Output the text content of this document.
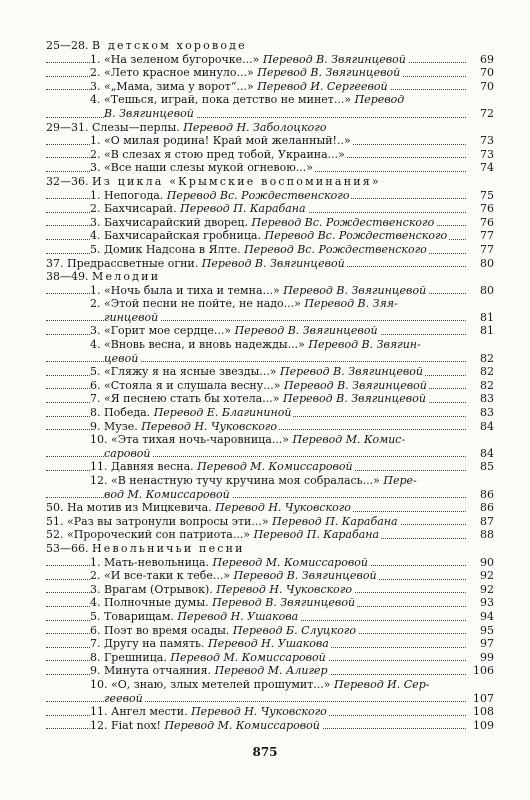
25—28. В детском хороводе
1. «На зеленом бугорочке...» Перевод В. Звягинцевой	69
2. «Лето красное минуло...» Перевод В. Звягинцевой	70
3. «„Мама, зима у ворот“...» Перевод И. Сергеевой	70
4. «Тешься, играй, пока детство не минет...» Перевод
В. Звягинцевой	72
29—31. Слезы—перлы. Перевод Н. Заболоцкого
1. «О милая родина! Край мой желанный!..»	73
2. «В слезах я стою пред тобой, Украина...»	73
3. «Все наши слезы мукой огневою...»	74
32—36. Из цикла «Крымские воспоминания»
1. Непогода. Перевод Вс. Рождественского	75
2. Бахчисарай. Перевод П. Карабана	76
3. Бахчисарайский дворец. Перевод Вс. Рождественского	76
4. Бахчисарайская гробница. Перевод Вс. Рождественского	77
5. Домик Надсона в Ялте. Перевод Вс. Рождественского	77
37. Предрассветные огни. Перевод В. Звягинцевой	80
38—49. Мелодии
1. «Ночь была и тиха и темна...» Перевод В. Звягинцевой	80
2. «Этой песни не пойте, не надо...» Перевод В. Зяя-
гинцевой	81
3. «Горит мое сердце...» Перевод В. Звягинцевой	81
4. «Вновь весна, и вновь надежды...» Перевод В. Звягин-
цевой	82
5. «Гляжу я на ясные звезды...» Перевод В. Звягинцевой	82
6. «Стояла я и слушала весну...» Перевод В. Звягинцевой	82
7. «Я песнею стать бы хотела...» Перевод В. Звягинцевой	83
8. Победа. Перевод Е. Благининой	83
9. Музе. Перевод Н. Чуковского	84
10. «Эта тихая ночь-чаровница...» Перевод М. Комис-
саровой	84
11. Давняя весна. Перевод М. Комиссаровой	85
12. «В ненастную тучу кручина моя собралась...» Пере-
вод М. Комиссаровой	86
50. На мотив из Мицкевича. Перевод Н. Чуковского	86
51. «Раз вы затронули вопросы эти...» Перевод П. Карабана	87
52. «Пророческий сон патриота...» Перевод П. Карабана	88
53—66. Невольничьи песни
1. Мать-невольница. Перевод М. Комиссаровой	90
2. «И все-таки к тебе...» Перевод В. Звягинцевой	92
3. Врагам (Отрывок). Перевод Н. Чуковского	92
4. Полночные думы. Перевод В. Звягинцевой	93
5. Товарищам. Перевод Н. Ушакова	94
6. Поэт во время осады. Перевод Б. Слуцкого	95
7. Другу на память. Перевод Н. Ушакова	97
8. Грешница. Перевод М. Комиссаровой	99
9. Минута отчаяния. Перевод М. Алигер	106
10. «О, знаю, злых метелей прошумит...» Перевод И. Сер-
геевой	107
11. Ангел мести. Перевод Н. Чуковского	108
12. Fiat nox! Перевод М. Комиссаровой	109
875
